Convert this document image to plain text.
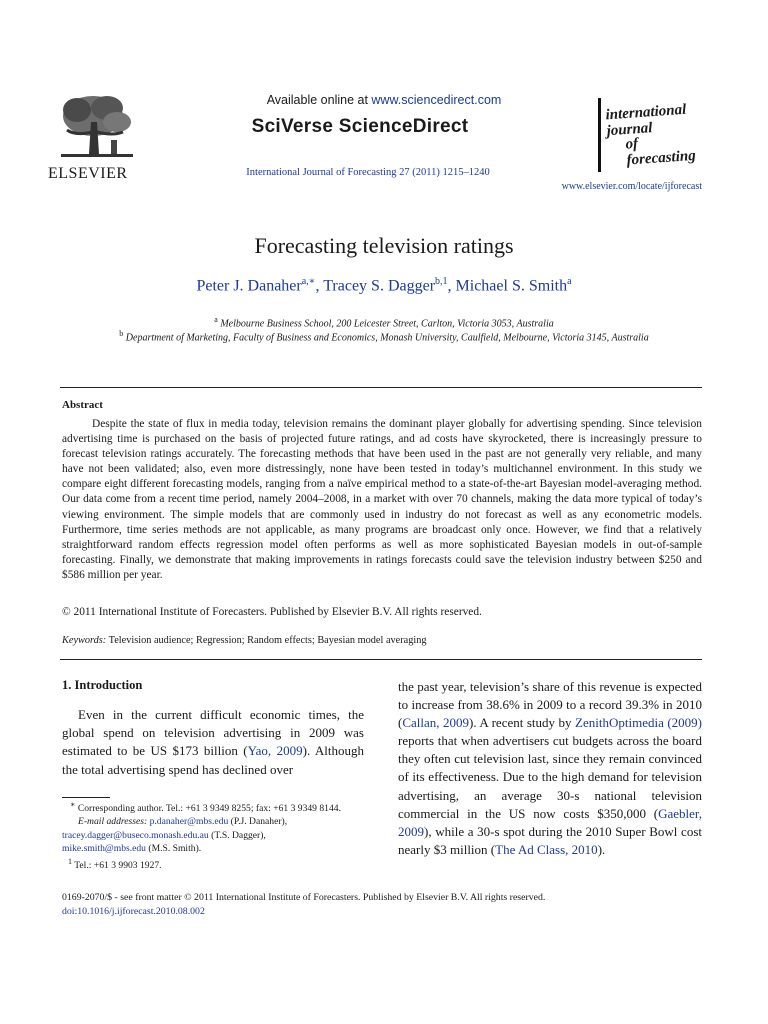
Available online at www.sciencedirect.com
SciVerse ScienceDirect
International Journal of Forecasting 27 (2011) 1215–1240
ELSEVIER
international journal
of forecasting
www.elsevier.com/locate/ijforecast
Forecasting television ratings
Peter J. Danaher$^{a,∗}$, Tracey S. Dagger$^{b,1}$, Michael S. Smith$^a$
$^a$ Melbourne Business School, 200 Leicester Street, Carlton, Victoria 3053, Australia
$^b$ Department of Marketing, Faculty of Business and Economics, Monash University, Caulfield, Melbourne, Victoria 3145, Australia
Abstract
Despite the state of flux in media today, television remains the dominant player globally for advertising spending. Since television advertising time is purchased on the basis of projected future ratings, and ad costs have skyrocketed, there is increasingly pressure to forecast television ratings accurately. The forecasting methods that have been used in the past are not generally very reliable, and many have not been validated; also, even more distressingly, none have been tested in today’s multichannel environment. In this study we compare eight different forecasting models, ranging from a naïve empirical method to a state-of-the-art Bayesian model-averaging method. Our data come from a recent time period, namely 2004–2008, in a market with over 70 channels, making the data more typical of today’s viewing environment. The simple models that are commonly used in industry do not forecast as well as any econometric models. Furthermore, time series methods are not applicable, as many programs are broadcast only once. However, we find that a relatively straightforward random effects regression model often performs as well as more sophisticated Bayesian models in out-of-sample forecasting. Finally, we demonstrate that making improvements in ratings forecasts could save the television industry between $250 and $586 million per year.
© 2011 International Institute of Forecasters. Published by Elsevier B.V. All rights reserved.
Keywords: Television audience; Regression; Random effects; Bayesian model averaging
1. Introduction
Even in the current difficult economic times, the global spend on television advertising in 2009 was estimated to be US $173 billion (Yao, 2009). Although the total advertising spend has declined over
the past year, television’s share of this revenue is expected to increase from 38.6% in 2009 to a record 39.3% in 2010 (Callan, 2009). A recent study by ZenithOptimedia (2009) reports that when advertisers cut budgets across the board they often cut television last, since they remain convinced of its effectiveness. Due to the high demand for television advertising, an average 30-s national television commercial in the US now costs $350,000 (Gaebler, 2009), while a 30-s spot during the 2010 Super Bowl cost nearly $3 million (The Ad Class, 2010).

∗ Corresponding author. Tel.: +61 3 9349 8255; fax: +61 3 9349 8144.

E-mail addresses: p.danaher@mbs.edu (P.J. Danaher),
tracey.dagger@buseco.monash.edu.au (T.S. Dagger),
mike.smith@mbs.edu (M.S. Smith).

$^1$ Tel.: +61 3 9903 1927.

0169-2070/$ - see front matter © 2011 International Institute of Forecasters. Published by Elsevier B.V. All rights reserved.
doi:10.1016/j.ijforecast.2010.08.002
